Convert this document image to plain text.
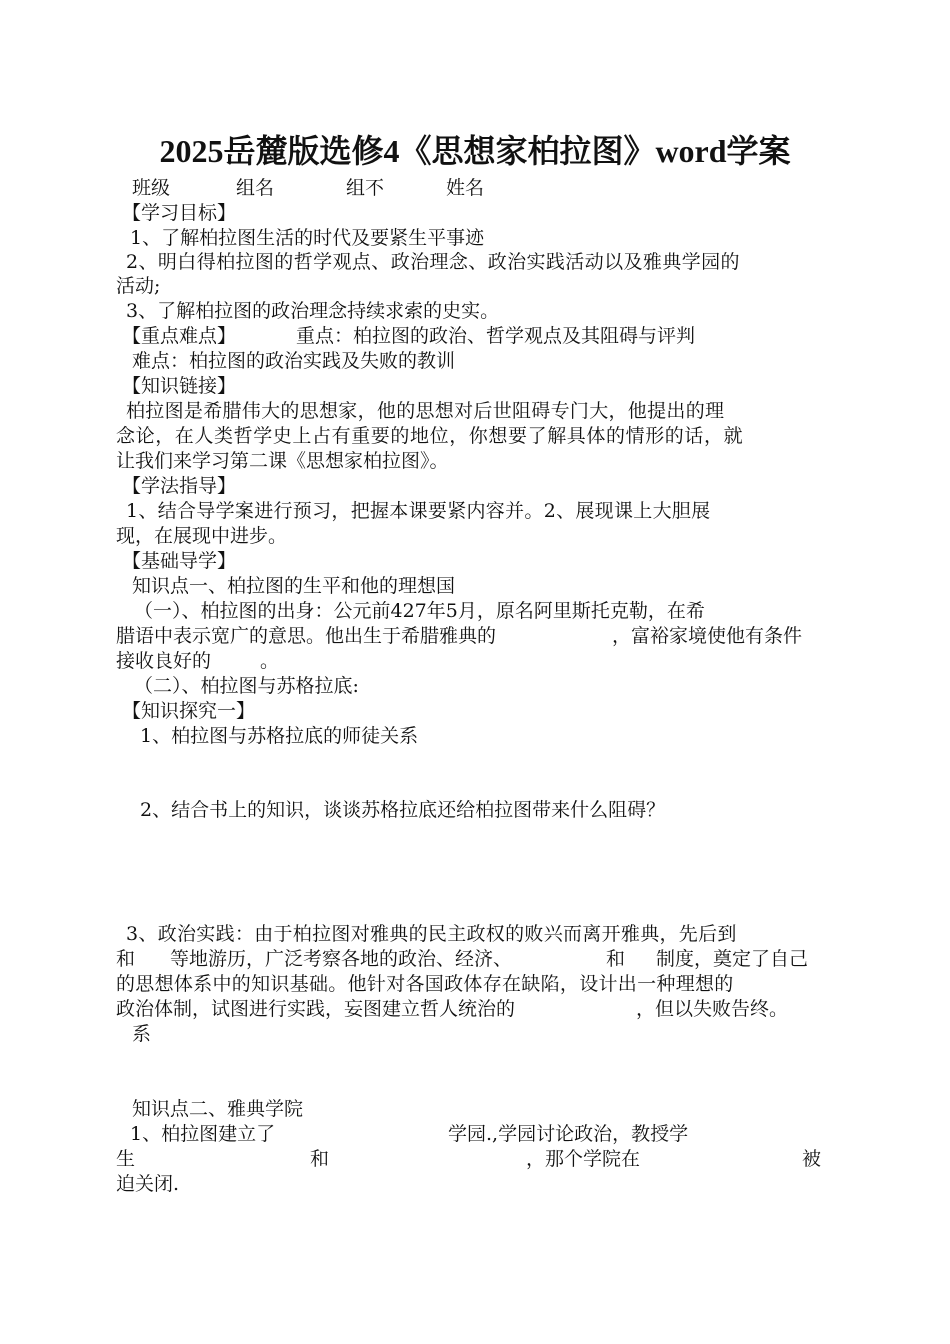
2025岳麓版选修4《思想家柏拉图》word学案
班级	组名	组不	姓名
【学习目标】
1、了解柏拉图生活的时代及要紧生平事迹
2、明白得柏拉图的哲学观点、政治理念、政治实践活动以及雅典学园的
活动;
3、了解柏拉图的政治理念持续求索的史实。
【重点难点】	重点：柏拉图的政治、哲学观点及其阻碍与评判
难点：柏拉图的政治实践及失败的教训
【知识链接】
柏拉图是希腊伟大的思想家，他的思想对后世阻碍专门大，他提出的理
念论，在人类哲学史上占有重要的地位，你想要了解具体的情形的话，就
让我们来学习第二课《思想家柏拉图》。
【学法指导】
1、结合导学案进行预习，把握本课要紧内容并。2、展现课上大胆展
现，在展现中进步。
【基础导学】
知识点一、柏拉图的生平和他的理想国
（一）、柏拉图的出身：公元前427年5月，原名阿里斯托克勒，在希
腊语中表示宽广的意思。他出生于希腊雅典的	，富裕家境使他有条件
接收良好的	。
（二）、柏拉图与苏格拉底:
【知识探究一】
1、柏拉图与苏格拉底的师徒关系
2、结合书上的知识，谈谈苏格拉底还给柏拉图带来什么阻碍？
3、政治实践：由于柏拉图对雅典的民主政权的败兴而离开雅典，先后到
和 等地游历，广泛考察各地的政治、经济、	和 制度，奠定了自己
的思想体系中的知识基础。他针对各国政体存在缺陷，设计出一种理想的
政治体制，试图进行实践，妄图建立哲人统治的	，但以失败告终。
系
知识点二、雅典学院
1、柏拉图建立了	学园.,学园讨论政治，教授学
生	和	，那个学院在	被
迫关闭.
